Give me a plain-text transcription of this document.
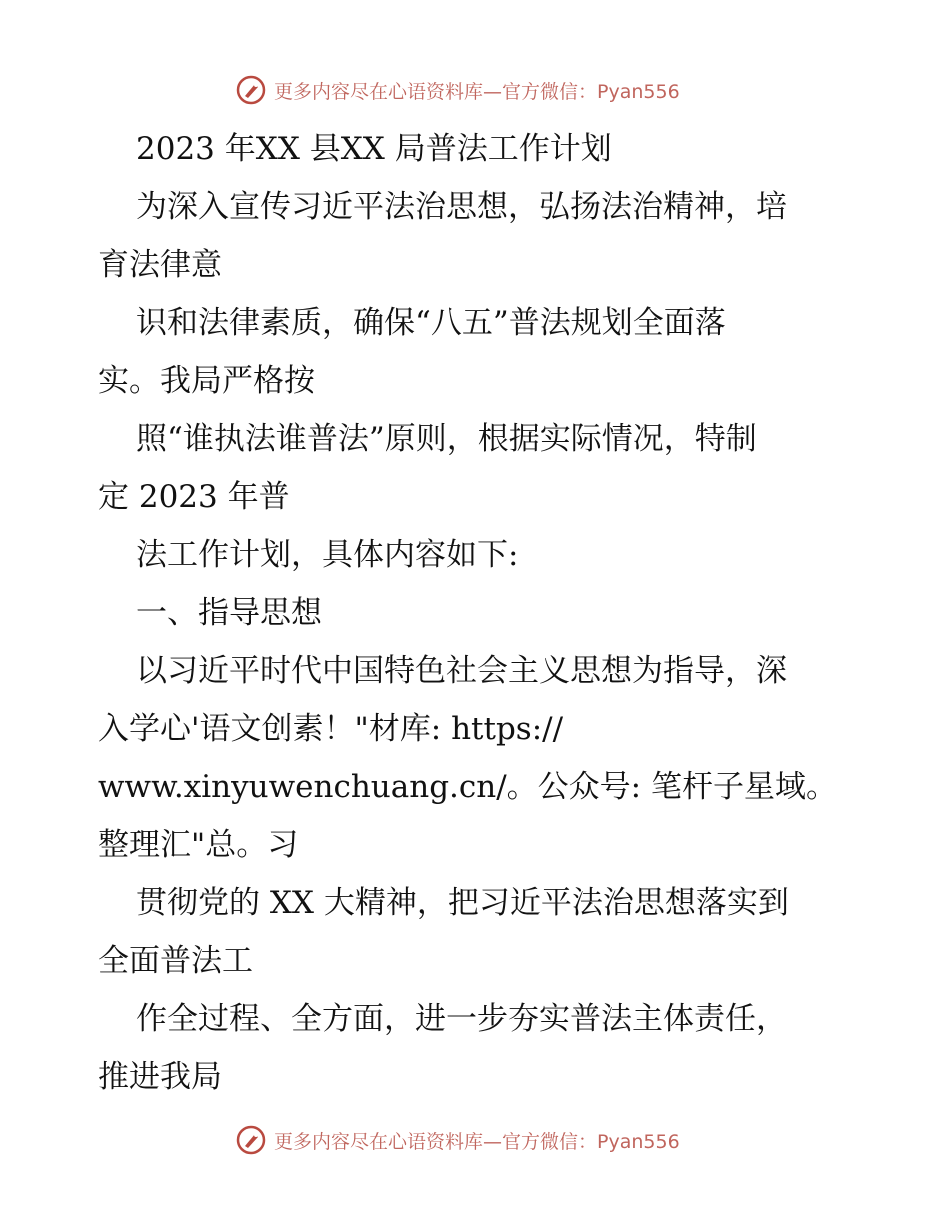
更多内容尽在心语资料库—官方微信：Pyan556
2023 年XX 县XX 局普法工作计划
为深入宣传习近平法治思想，弘扬法治精神，培
育法律意
识和法律素质，确保“八五”普法规划全面落
实。我局严格按
照“谁执法谁普法”原则，根据实际情况，特制
定 2023 年普
法工作计划，具体内容如下:
一、指导思想
以习近平时代中国特色社会主义思想为指导，深
入学心'语文创素！"材库: https://
www.xinyuwenchuang.cn/。公众号: 笔杆子星域。
整理汇"总。习
贯彻党的 XX 大精神，把习近平法治思想落实到
全面普法工
作全过程、全方面，进一步夯实普法主体责任，
推进我局
更多内容尽在心语资料库—官方微信：Pyan556
